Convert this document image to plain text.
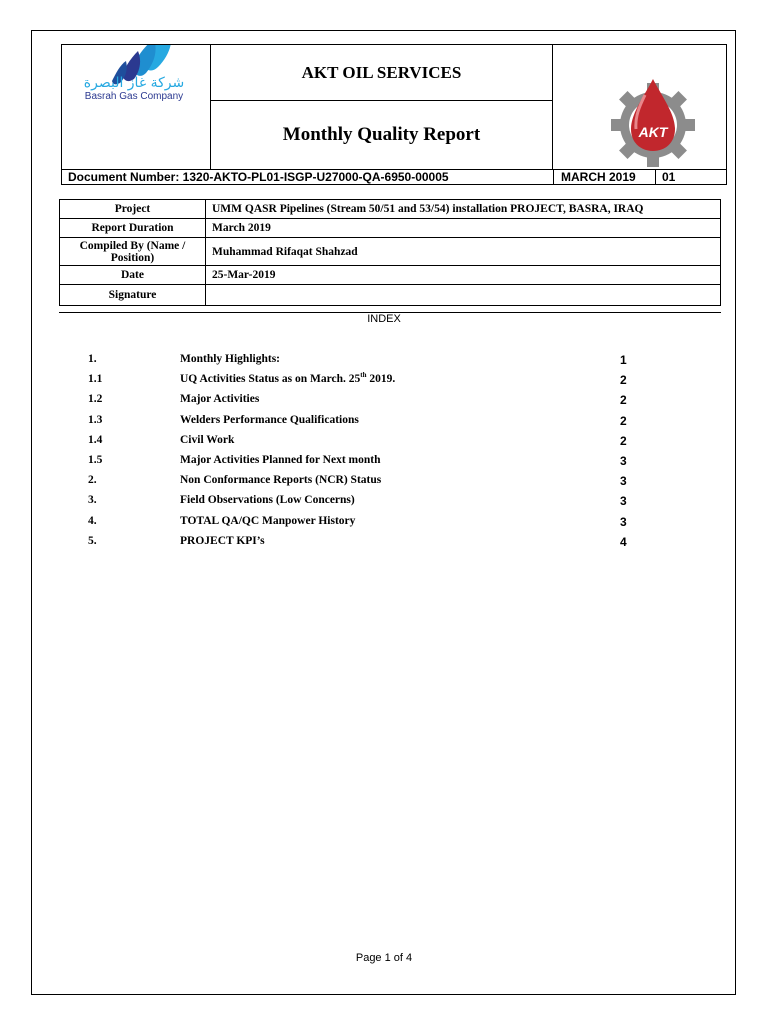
شركة غاز البصرة
Basrah Gas Company
AKT OIL SERVICES
Monthly Quality Report	AKT
Document Number: 1320-AKTO-PL01-ISGP-U27000-QA-6950-00005	MARCH 2019	01
Project	UMM QASR Pipelines (Stream 50/51 and 53/54) installation PROJECT, BASRA, IRAQ
Report Duration	March 2019
Compiled By (Name / Position)	Muhammad Rifaqat Shahzad
Date	25-Mar-2019
Signature	
INDEX
1.	Monthly Highlights:	1
1.1	UQ Activities Status as on March. 25th 2019.	2
1.2	Major Activities	2
1.3	Welders Performance Qualifications	2
1.4	Civil Work	2
1.5	Major Activities Planned for Next month	3
2.	Non Conformance Reports (NCR) Status	3
3.	Field Observations (Low Concerns)	3
4.	TOTAL QA/QC Manpower History	3
5.	PROJECT KPI’s	4
Page 1 of 4
